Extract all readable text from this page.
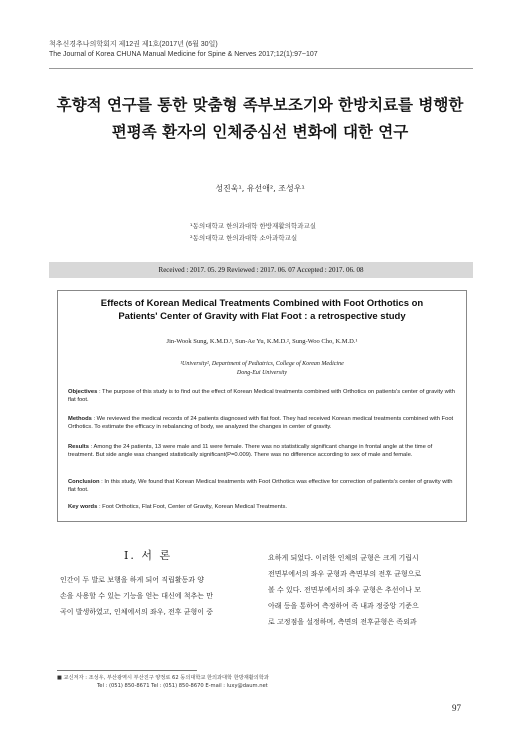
척추신경추나의학회지 제12권 제1호(2017년 (6월 30일)
The Journal of Korea CHUNA Manual Medicine for Spine & Nerves 2017;12(1):97~107
후향적 연구를 통한 맞춤형 족부보조기와 한방치료를 병행한
편평족 환자의 인체중심선 변화에 대한 연구
성진욱¹, 유선애², 조성우¹
¹동의대학교 한의과대학 한방재활의학과교실
²동의대학교 한의과대학 소아과학교실
Received : 2017. 05. 29 Reviewed : 2017. 06. 07 Accepted : 2017. 06. 08
Effects of Korean Medical Treatments Combined with Foot Orthotics on
Patients' Center of Gravity with Flat Foot : a retrospective study
Jin-Wook Sung, K.M.D.¹, Sun-Ae Yu, K.M.D.², Sung-Woo Cho, K.M.D.¹
¹University², Department of Pediatrics, College of Korean Medicine
Dong-Eui University
Objectives : The purpose of this study is to find out the effect of Korean Medical treatments combined with Orthotics on patients's center of gravity with flat foot.
Methods : We reviewed the medical records of 24 patients diagnosed with flat foot. They had received Korean medical treatments combined with Foot Orthotics. To estimate the efficacy in rebalancing of body, we analyzed the changes in center of gravity.
Results : Among the 24 patients, 13 were male and 11 were female. There was no statistically significant change in frontal angle at the time of treatment. But side angle was changed statistically significant(P=0.009). There was no difference according to sex of male and female.
Conclusion : In this study, We found that Korean Medical treatments with Foot Orthotics was effective for correction of patients's center of gravity with flat foot.
Key words : Foot Orthotics, Flat Foot, Center of Gravity, Korean Medical Treatments.
I. 서 론
인간이 두 발로 보행을 하게 되어 직립활동과 양
손을 사용할 수 있는 기능을 얻는 대신에 척추는 만
곡이 발생하였고, 인체에서의 좌우, 전후 균형이 중
요하게 되었다. 이러한 인체의 균형은 크게 기립시
전면부에서의 좌우 균형과 측면부의 전후 균형으로
볼 수 있다. 전면부에서의 좌우 균형은 추선이나 모
아래 등을 통하여 측정하여 족 내과 정중앙 기준으
로 고정점을 설정하며, 측면의 전후균형은 족외과
■ 교신저자 : 조성우, 부산광역시 부산진구 양정로 62 동의대학교 한의과대학 한방재활의학과
Tel : (051) 850-8671 Tel : (051) 850-8670 E-mail : luxy@daum.net
97
